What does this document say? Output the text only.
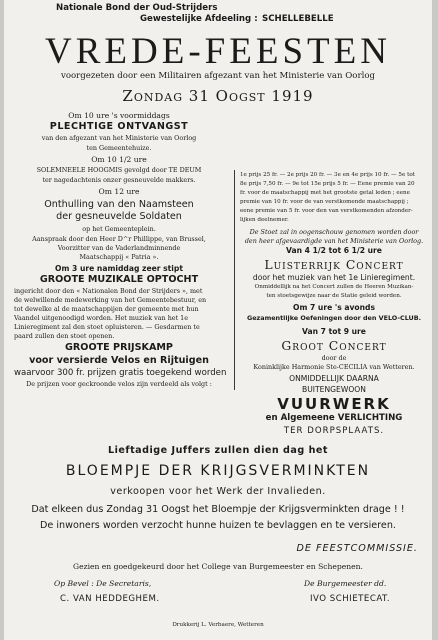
Nationale Bond der Oud-Strijders
Gewestelijke Afdeeling : SCHELLEBELLE
VREDE-FEESTEN
voorgezeten door een Militairen afgezant van het Ministerie van Oorlog
Zondag 31 Oogst 1919
Om 10 ure 's voormiddags
PLECHTIGE ONTVANGST
van den afgezant van het Ministerie van Oorlog
ten Gemeentehuize.
Om 10 1/2 ure
SOLEMNEELE HOOGMIS gevolgd door TE DEUM
ter nagedachtenis onzer gesneuvelde makkers.
Om 12 ure
Onthulling van den Naamsteen
der gesneuvelde Soldaten
op het Gemeenteplein.
Aanspraak door den Heer D^r Phillippe, van Brussel,
Voorzitter van de Vaderlandminnende
Maatschappij « Patria ».
Om 3 ure namiddag zeer stipt
GROOTE MUZIKALE OPTOCHT
ingericht door den « Nationalen Bond der Strijders », met
de welwillende medewerking van het Gemeentebestuur, en
tot dewelke al de maatschappijen der gemeente met hun
Vaandel uitgenoodigd worden. Het muziek van het 1e
Linieregiment zal den stoet opluisteren. — Gesdarmen te
paard zullen den stoet openen.
GROOTE PRIJSKAMP
voor versierde Velos en Rijtuigen
waarvoor 300 fr. prijzen gratis toegekend worden
De prijzen voor geckroonde velos zijn verdeeld als volgt :
1e prijs 25 fr. — 2e prijs 20 fr. — 3e en 4e prijs 10 fr. — 5e tot
8e prijs 7,50 fr. — 9e tot 15e prijs 5 fr. — Eene premie van 20
fr. voor de maatschappij met het grootste getal leden ; eene
premie van 10 fr. voor de van verstkomende maatschappij ;
eene premie van 5 fr. voor den van verstkomenden afzonder-
lijken deelnemer.
De Stoet zal in oogenschouw genomen worden door
den heer afgevaardigde van het Ministerie van Oorlog.
Van 4 1/2 tot 6 1/2 ure
Luisterrijk Concert
door het muziek van het 1e Linieregiment.
Onmiddellijk na het Concert zullen de Heeren Muzikan-
ten stoetsgewijze naar de Statie geleid worden.
Om 7 ure 's avonds
Gezamentlijke Oefeningen door den VELO-CLUB.
Van 7 tot 9 ure
Groot Concert
door de
Koninklijke Harmonie Ste-CECILIA van Wetteren.
ONMIDDELLIJK DAARNA
BUITENGEWOON
VUURWERK
en Algemeene VERLICHTING
TER DORPSPLAATS.
Lieftadige Juffers zullen dien dag het
BLOEMPJE DER KRIJGSVERMINKTEN
verkoopen voor het Werk der Invalieden.
Dat elkeen dus Zondag 31 Oogst het Bloempje der Krijgsverminkten drage ! !
De inwoners worden verzocht hunne huizen te bevlaggen en te versieren.
DE FEESTCOMMISSIE.
Gezien en goedgekeurd door het College van Burgemeester en Schepenen.
Op Bevel : De Secretaris,
C. VAN HEDDEGHEM.
De Burgemeester dd.
IVO SCHIETECAT.
Drukkerij L. Verbaere, Wetteren
